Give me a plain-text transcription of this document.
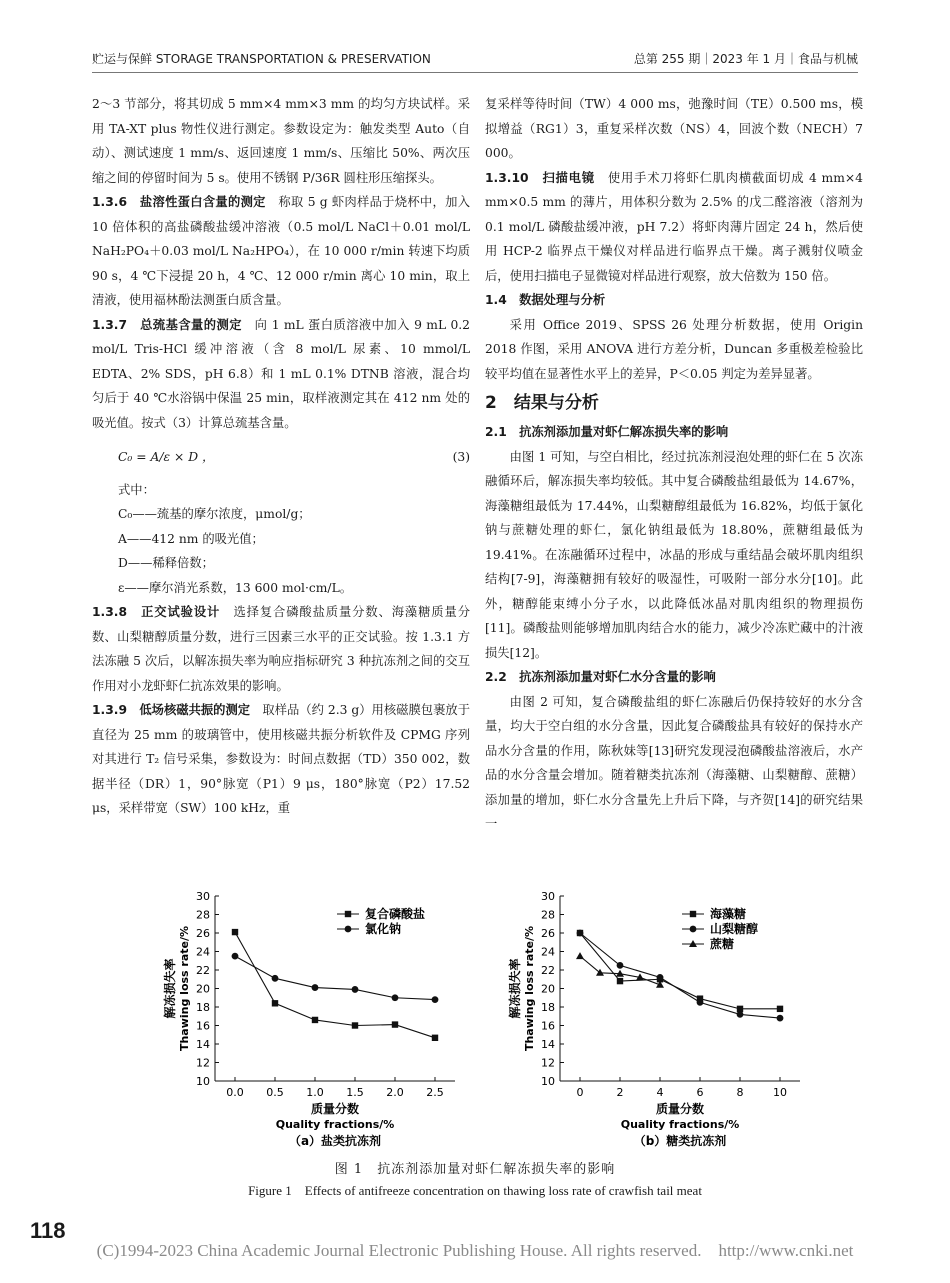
贮运与保鲜 STORAGE TRANSPORTATION & PRESERVATION	总第 255 期｜2023 年 1 月｜食品与机械

2～3 节部分，将其切成 5 mm×4 mm×3 mm 的均匀方块试样。采用 TA-XT plus 物性仪进行测定。参数设定为：触发类型 Auto（自动）、测试速度 1 mm/s、返回速度 1 mm/s、压缩比 50%、两次压缩之间的停留时间为 5 s。使用不锈钢 P/36R 圆柱形压缩探头。

1.3.6　盐溶性蛋白含量的测定　称取 5 g 虾肉样品于烧杯中，加入 10 倍体积的高盐磷酸盐缓冲溶液（0.5 mol/L NaCl＋0.01 mol/L NaH₂PO₄＋0.03 mol/L Na₂HPO₄），在 10 000 r/min 转速下均质 90 s，4 ℃下浸提 20 h，4 ℃、12 000 r/min 离心 10 min，取上清液，使用福林酚法测蛋白质含量。

1.3.7　总巯基含量的测定　向 1 mL 蛋白质溶液中加入 9 mL 0.2 mol/L Tris-HCl 缓冲溶液（含 8 mol/L 尿素、10 mmol/L EDTA、2% SDS，pH 6.8）和 1 mL 0.1% DTNB 溶液，混合均匀后于 40 ℃水浴锅中保温 25 min，取样液测定其在 412 nm 处的吸光值。按式（3）计算总巯基含量。

C₀ = A/ε × D ，	(3)

式中：

C₀——巯基的摩尔浓度，μmol/g；

A——412 nm 的吸光值；

D——稀释倍数；

ε——摩尔消光系数，13 600 mol·cm/L。

1.3.8　正交试验设计　选择复合磷酸盐质量分数、海藻糖质量分数、山梨糖醇质量分数，进行三因素三水平的正交试验。按 1.3.1 方法冻融 5 次后，以解冻损失率为响应指标研究 3 种抗冻剂之间的交互作用对小龙虾虾仁抗冻效果的影响。

1.3.9　低场核磁共振的测定　取样品（约 2.3 g）用核磁膜包裹放于直径为 25 mm 的玻璃管中，使用核磁共振分析软件及 CPMG 序列对其进行 T₂ 信号采集，参数设为：时间点数据（TD）350 002，数据半径（DR）1，90°脉宽（P1）9 μs，180°脉宽（P2）17.52 μs，采样带宽（SW）100 kHz，重

复采样等待时间（TW）4 000 ms，弛豫时间（TE）0.500 ms，模拟增益（RG1）3，重复采样次数（NS）4，回波个数（NECH）7 000。

1.3.10　扫描电镜　使用手术刀将虾仁肌肉横截面切成 4 mm×4 mm×0.5 mm 的薄片，用体积分数为 2.5% 的戊二醛溶液（溶剂为 0.1 mol/L 磷酸盐缓冲液，pH 7.2）将虾肉薄片固定 24 h，然后使用 HCP-2 临界点干燥仪对样品进行临界点干燥。离子溅射仪喷金后，使用扫描电子显微镜对样品进行观察，放大倍数为 150 倍。

1.4　数据处理与分析

采用 Office 2019、SPSS 26 处理分析数据，使用 Origin 2018 作图，采用 ANOVA 进行方差分析，Duncan 多重极差检验比较平均值在显著性水平上的差异，P＜0.05 判定为差异显著。

2　结果与分析

2.1　抗冻剂添加量对虾仁解冻损失率的影响

由图 1 可知，与空白相比，经过抗冻剂浸泡处理的虾仁在 5 次冻融循环后，解冻损失率均较低。其中复合磷酸盐组最低为 14.67%，海藻糖组最低为 17.44%，山梨糖醇组最低为 16.82%，均低于氯化钠与蔗糖处理的虾仁，氯化钠组最低为 18.80%，蔗糖组最低为 19.41%。在冻融循环过程中，冰晶的形成与重结晶会破坏肌肉组织结构[7-9]，海藻糖拥有较好的吸湿性，可吸附一部分水分[10]。此外，糖醇能束缚小分子水，以此降低冰晶对肌肉组织的物理损伤[11]。磷酸盐则能够增加肌肉结合水的能力，减少冷冻贮藏中的汁液损失[12]。

2.2　抗冻剂添加量对虾仁水分含量的影响

由图 2 可知，复合磷酸盐组的虾仁冻融后仍保持较好的水分含量，均大于空白组的水分含量，因此复合磷酸盐具有较好的保持水产品水分含量的作用，陈秋妹等[13]研究发现浸泡磷酸盐溶液后，水产品的水分含量会增加。随着糖类抗冻剂（海藻糖、山梨糖醇、蔗糖）添加量的增加，虾仁水分含量先上升后下降，与齐贺[14]的研究结果一

10
12
14
16
18
20
22
24
26
28
30
0.0 0.5 1.0 1.5 2.0 2.5
质量分数
Quality fractions/%
（a）盐类抗冻剂
解冻损失率 Thawing loss rate/%
复合磷酸盐
氯化钠
10
12
14
16
18
20
22
24
26
28
30
0	2	4	6	8	10
质量分数
Quality fractions/%
（b）糖类抗冻剂
解冻损失率 Thawing loss rate/%
海藻糖
山梨糖醇
蔗糖
图 1　抗冻剂添加量对虾仁解冻损失率的影响
Figure 1　Effects of antifreeze concentration on thawing loss rate of crawfish tail meat
118
(C)1994-2023 China Academic Journal Electronic Publishing House. All rights reserved.　http://www.cnki.net
